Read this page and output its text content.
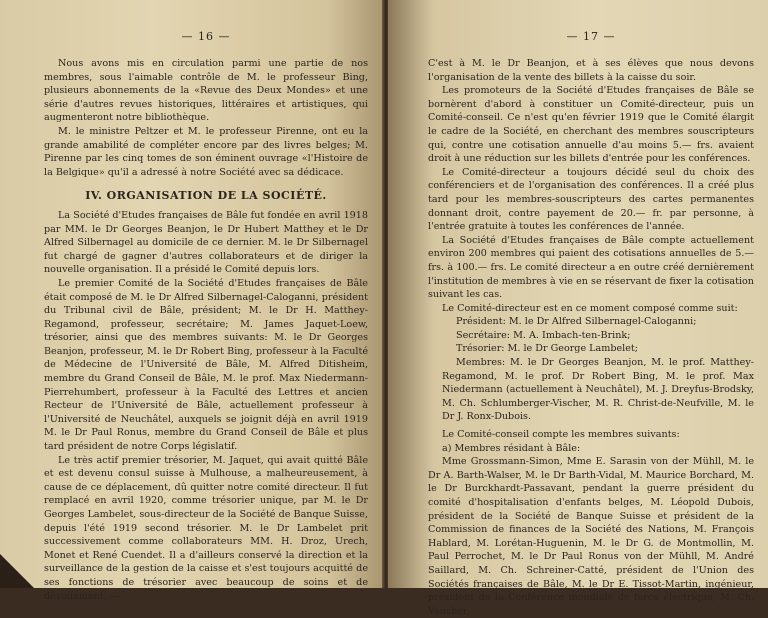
— 16 —

Nous avons mis en circulation parmi une partie de nos membres, sous l'aimable contrôle de M. le professeur Bing, plusieurs abonnements de la «Revue des Deux Mondes» et une série d'autres revues historiques, littéraires et artistiques, qui augmenteront notre bibliothèque.

M. le ministre Peltzer et M. le professeur Pirenne, ont eu la grande amabilité de compléter encore par des livres belges; M. Pirenne par les cinq tomes de son éminent ouvrage «l'Histoire de la Belgique» qu'il a adressé à notre Société avec sa dédicace.

IV. ORGANISATION DE LA SOCIÉTÉ.

La Société d'Etudes françaises de Bâle fut fondée en avril 1918 par MM. le Dr Georges Beanjon, le Dr Hubert Matthey et le Dr Alfred Silbernagel au domicile de ce dernier. M. le Dr Silbernagel fut chargé de gagner d'autres collaborateurs et de diriger la nouvelle organisation. Il a présidé le Comité depuis lors.

Le premier Comité de la Société d'Etudes françaises de Bâle était composé de M. le Dr Alfred Silbernagel-Caloganni, président du Tribunal civil de Bâle, président; M. le Dr H. Matthey-Regamond, professeur, secrétaire; M. James Jaquet-Loew, trésorier, ainsi que des membres suivants: M. le Dr Georges Beanjon, professeur, M. le Dr Robert Bing, professeur à la Faculté de Médecine de l'Université de Bâle, M. Alfred Ditisheim, membre du Grand Conseil de Bâle, M. le prof. Max Niedermann-Pierrehumbert, professeur à la Faculté des Lettres et ancien Recteur de l'Université de Bâle, actuellement professeur à l'Université de Neuchâtel, auxquels se joignit déjà en avril 1919 M. le Dr Paul Ronus, membre du Grand Conseil de Bâle et plus tard président de notre Corps législatif.

Le très actif premier trésorier, M. Jaquet, qui avait quitté Bâle et est devenu consul suisse à Mulhouse, a malheureusement, à cause de ce déplacement, dû quitter notre comité directeur. Il fut remplacé en avril 1920, comme trésorier unique, par M. le Dr Georges Lambelet, sous-directeur de la Société de Banque Suisse, depuis l'été 1919 second trésorier. M. le Dr Lambelet prit successivement comme collaborateurs MM. H. Droz, Urech, Monet et René Cuendet. Il a d'ailleurs conservé la direction et la surveillance de la gestion de la caisse et s'est toujours acquitté de ses fonctions de trésorier avec beaucoup de soins et de dévouement. —

— 17 —

C'est à M. le Dr Beanjon, et à ses élèves que nous devons l'organisation de la vente des billets à la caisse du soir.

Les promoteurs de la Société d'Etudes françaises de Bâle se bornèrent d'abord à constituer un Comité-directeur, puis un Comité-conseil. Ce n'est qu'en février 1919 que le Comité élargit le cadre de la Société, en cherchant des membres souscripteurs qui, contre une cotisation annuelle d'au moins 5.— frs. avaient droit à une réduction sur les billets d'entrée pour les conférences.

Le Comité-directeur a toujours décidé seul du choix des conférenciers et de l'organisation des conférences. Il a créé plus tard pour les membres-souscripteurs des cartes permanentes donnant droit, contre payement de 20.— fr. par personne, à l'entrée gratuite à toutes les conférences de l'année.

La Société d'Etudes françaises de Bâle compte actuellement environ 200 membres qui paient des cotisations annuelles de 5.— frs. à 100.— frs. Le comité directeur a en outre créé dernièrement l'institution de membres à vie en se réservant de fixer la cotisation suivant les cas.

Le Comité-directeur est en ce moment composé comme suit:

Président: M. le Dr Alfred Silbernagel-Caloganni;

Secrétaire: M. A. Imbach-ten-Brink;

Trésorier: M. le Dr George Lambelet;

Membres: M. le Dr Georges Beanjon, M. le prof. Matthey-Regamond, M. le prof. Dr Robert Bing, M. le prof. Max Niedermann (actuellement à Neuchâtel), M. J. Dreyfus-Brodsky, M. Ch. Schlumberger-Vischer, M. R. Christ-de-Neufville, M. le Dr J. Ronx-Dubois.

Le Comité-conseil compte les membres suivants:

a) Membres résidant à Bâle:

Mme Grossmann-Simon, Mme E. Sarasin von der Mühll, M. le Dr A. Barth-Walser, M. le Dr Barth-Vidal, M. Maurice Borchard, M. le Dr Burckhardt-Passavant, pendant la guerre président du comité d'hospitalisation d'enfants belges, M. Léopold Dubois, président de la Société de Banque Suisse et président de la Commission de finances de la Société des Nations, M. François Hablard, M. Lorétan-Huguenin, M. le Dr G. de Montmollin, M. Paul Perrochet, M. le Dr Paul Ronus von der Mühll, M. André Saillard, M. Ch. Schreiner-Catté, président de l'Union des Sociétés françaises de Bâle, M. le Dr E. Tissot-Martin, ingénieur, président de la Conférence mondiale de force électrique, M. Ch. Vaucher,
